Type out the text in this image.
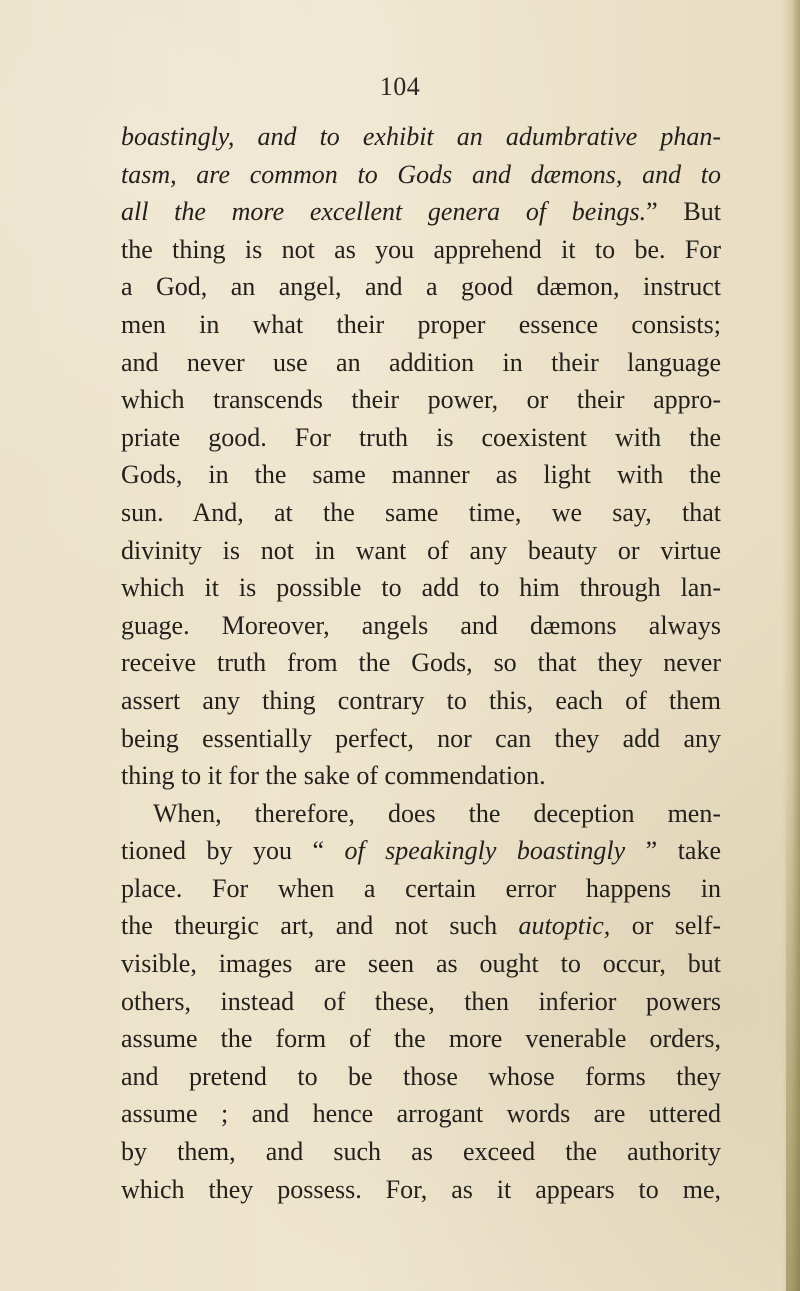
104
boastingly, and to exhibit an adumbrative phan-
tasm, are common to Gods and dæmons, and to
all the more excellent genera of beings.” But
the thing is not as you apprehend it to be. For
a God, an angel, and a good dæmon, instruct
men in what their proper essence consists;
and never use an addition in their language
which transcends their power, or their appro-
priate good. For truth is coexistent with the
Gods, in the same manner as light with the
sun. And, at the same time, we say, that
divinity is not in want of any beauty or virtue
which it is possible to add to him through lan-
guage. Moreover, angels and dæmons always
receive truth from the Gods, so that they never
assert any thing contrary to this, each of them
being essentially perfect, nor can they add any
thing to it for the sake of commendation.
When, therefore, does the deception men-
tioned by you “ of speakingly boastingly ” take
place. For when a certain error happens in
the theurgic art, and not such autoptic, or self-
visible, images are seen as ought to occur, but
others, instead of these, then inferior powers
assume the form of the more venerable orders,
and pretend to be those whose forms they
assume ; and hence arrogant words are uttered
by them, and such as exceed the authority
which they possess. For, as it appears to me,
